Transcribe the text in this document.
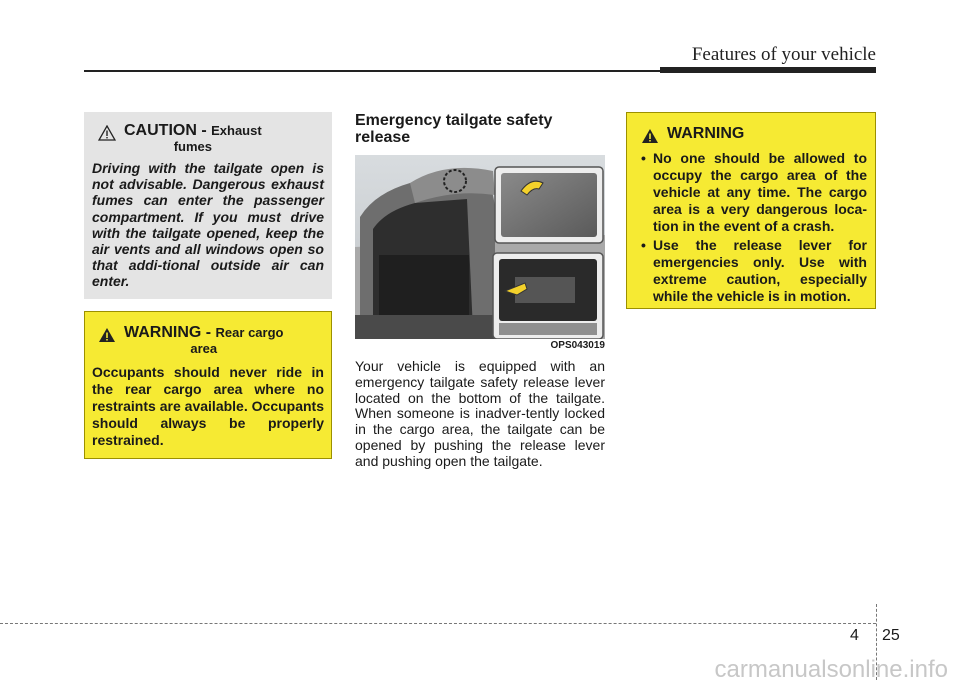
Features of your vehicle
CAUTION - Exhaust
fumes
Driving with the tailgate open is not advisable. Dangerous exhaust fumes can enter the passenger compartment. If you must drive with the tailgate opened, keep the air vents and all windows open so that addi-tional outside air can enter.
WARNING - Rear cargo
area
Occupants should never ride in the rear cargo area where no restraints are available. Occupants should always be properly restrained.
Emergency tailgate safety release
OPS043019
Your vehicle is equipped with an emergency tailgate safety release lever located on the bottom of the tailgate. When someone is inadver-tently locked in the cargo area, the tailgate can be opened by pushing the release lever and pushing open the tailgate.
WARNING
• No one should be allowed to occupy the cargo area of the vehicle at any time. The cargo area is a very dangerous loca-tion in the event of a crash.
• Use the release lever for emergencies only. Use with extreme caution, especially while the vehicle is in motion.
4 25
carmanualsonline.info
